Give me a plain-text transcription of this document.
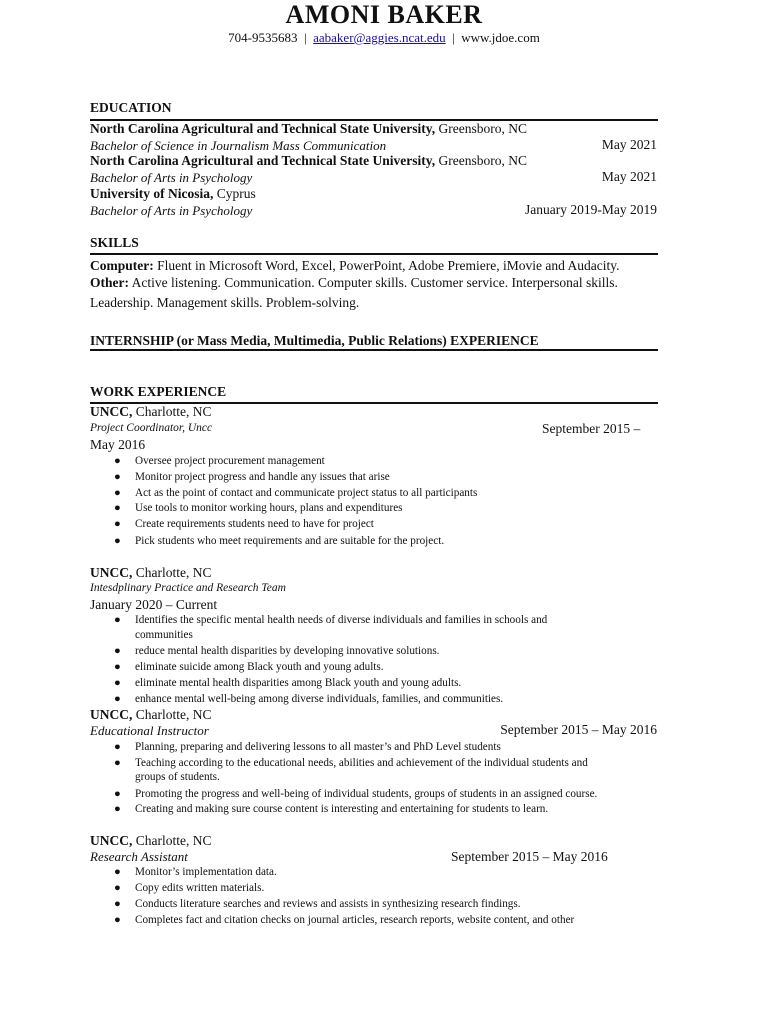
AMONI BAKER
704-9535683  |  aabaker@aggies.ncat.edu  |  www.jdoe.com
EDUCATION
North Carolina Agricultural and Technical State University, Greensboro, NC
Bachelor of Science in Journalism Mass Communication	May 2021
North Carolina Agricultural and Technical State University, Greensboro, NC
Bachelor of Arts in Psychology	May 2021
University of Nicosia, Cyprus
Bachelor of Arts in Psychology	January 2019-May 2019
SKILLS
Computer: Fluent in Microsoft Word, Excel, PowerPoint, Adobe Premiere, iMovie and Audacity.
Other: Active listening. Communication. Computer skills. Customer service. Interpersonal skills.
Leadership. Management skills. Problem-solving.
INTERNSHIP (or Mass Media, Multimedia, Public Relations) EXPERIENCE
WORK EXPERIENCE
UNCC, Charlotte, NC
Project Coordinator, Uncc	September 2015 –
May 2016
● Oversee project procurement management
● Monitor project progress and handle any issues that arise
● Act as the point of contact and communicate project status to all participants
● Use tools to monitor working hours, plans and expenditures
● Create requirements students need to have for project
● Pick students who meet requirements and are suitable for the project.
UNCC, Charlotte, NC
Intesdplinary Practice and Research Team
January 2020 – Current
● Identifies the specific mental health needs of diverse individuals and families in schools and
communities
● reduce mental health disparities by developing innovative solutions.
● eliminate suicide among Black youth and young adults.
● eliminate mental health disparities among Black youth and young adults.
● enhance mental well-being among diverse individuals, families, and communities.
UNCC, Charlotte, NC
Educational Instructor	September 2015 – May 2016
● Planning, preparing and delivering lessons to all master’s and PhD Level students
● Teaching according to the educational needs, abilities and achievement of the individual students and
groups of students.
● Promoting the progress and well-being of individual students, groups of students in an assigned course.
● Creating and making sure course content is interesting and entertaining for students to learn.
UNCC, Charlotte, NC
Research Assistant	September 2015 – May 2016
● Monitor’s implementation data.
● Copy edits written materials.
● Conducts literature searches and reviews and assists in synthesizing research findings.
● Completes fact and citation checks on journal articles, research reports, website content, and other
